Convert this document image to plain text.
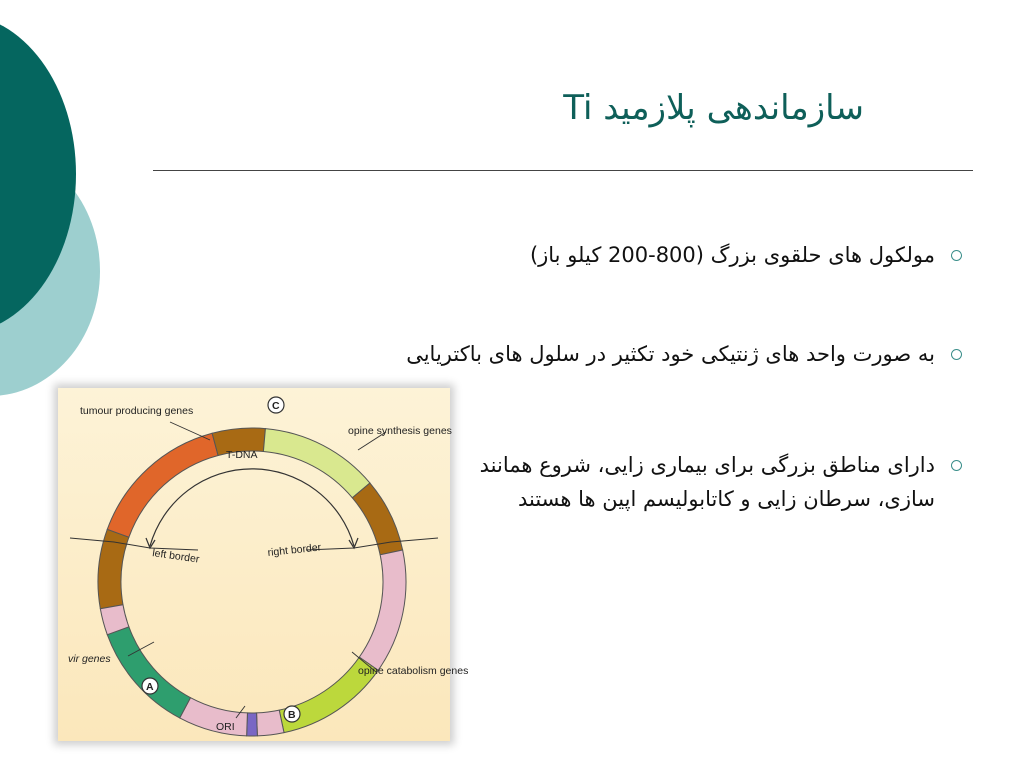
سازماندهی پلازمید Ti
مولکول های حلقوی بزرگ (800-200 کیلو باز)
به صورت واحد های ژنتیکی خود تکثیر در سلول های باکتریایی
دارای مناطق بزرگی برای بیماری زایی، شروع همانند سازی، سرطان زایی و کاتابولیسم اپین ها هستند
tumour producing genes
opine synthesis genes
T-DNA
left border	right border
vir genes
opine catabolism genes
ORI
C
A
B
